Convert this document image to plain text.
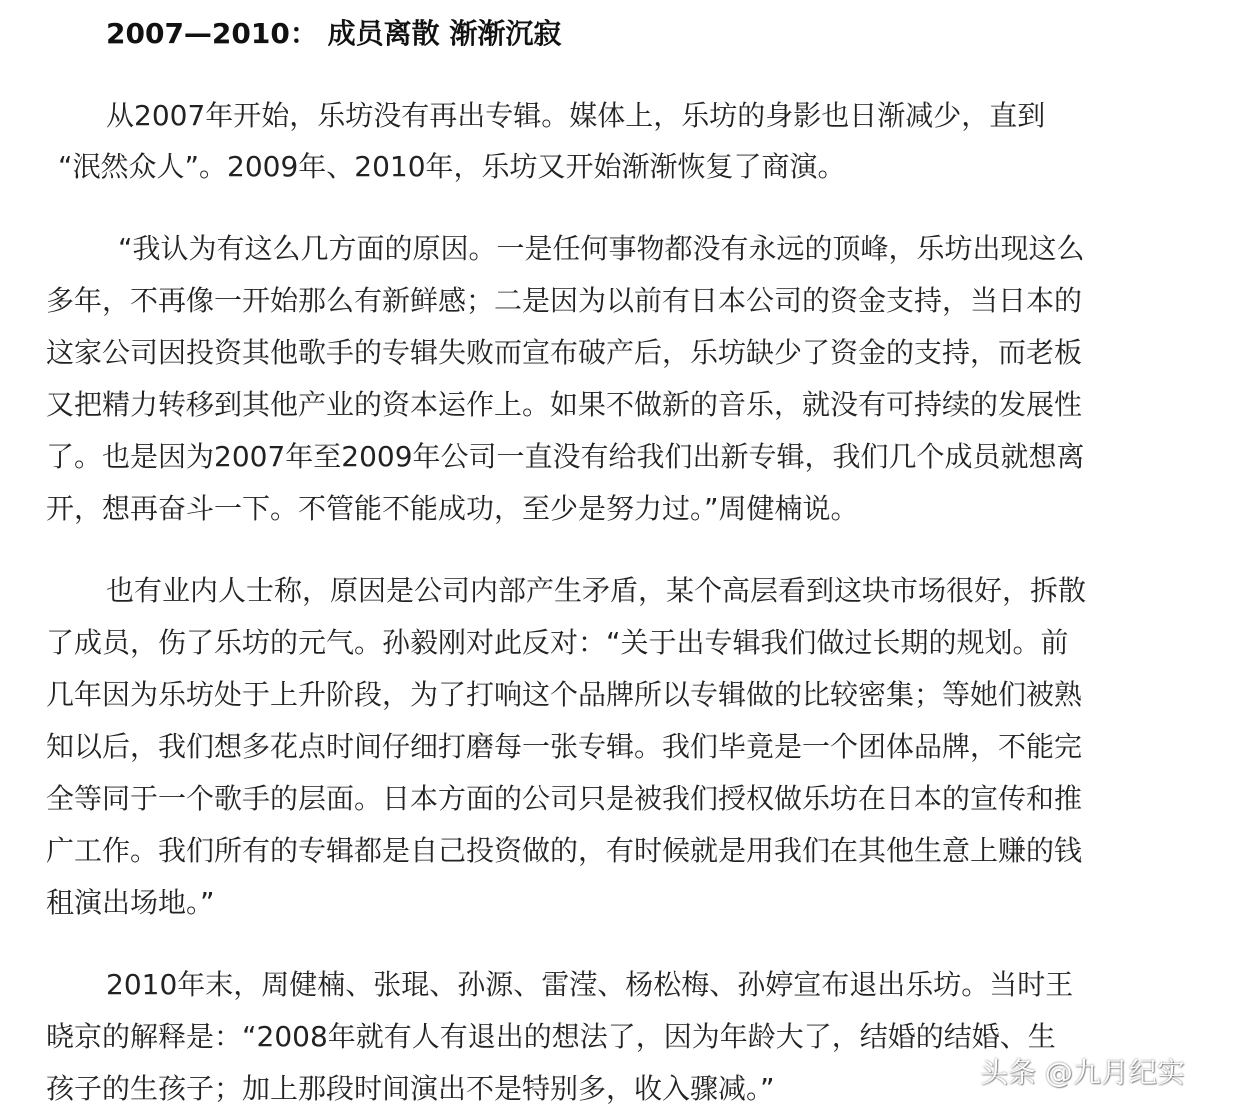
2007—2010： 成员离散 渐渐沉寂
从2007年开始，乐坊没有再出专辑。媒体上，乐坊的身影也日渐减少，直到
“泯然众人”。2009年、2010年，乐坊又开始渐渐恢复了商演。
“我认为有这么几方面的原因。一是任何事物都没有永远的顶峰，乐坊出现这么
多年，不再像一开始那么有新鲜感；二是因为以前有日本公司的资金支持，当日本的
这家公司因投资其他歌手的专辑失败而宣布破产后，乐坊缺少了资金的支持，而老板
又把精力转移到其他产业的资本运作上。如果不做新的音乐，就没有可持续的发展性
了。也是因为2007年至2009年公司一直没有给我们出新专辑，我们几个成员就想离
开，想再奋斗一下。不管能不能成功，至少是努力过。”周健楠说。
也有业内人士称，原因是公司内部产生矛盾，某个高层看到这块市场很好，拆散
了成员，伤了乐坊的元气。孙毅刚对此反对：“关于出专辑我们做过长期的规划。前
几年因为乐坊处于上升阶段，为了打响这个品牌所以专辑做的比较密集；等她们被熟
知以后，我们想多花点时间仔细打磨每一张专辑。我们毕竟是一个团体品牌，不能完
全等同于一个歌手的层面。日本方面的公司只是被我们授权做乐坊在日本的宣传和推
广工作。我们所有的专辑都是自己投资做的，有时候就是用我们在其他生意上赚的钱
租演出场地。”
2010年末，周健楠、张琨、孙源、雷滢、杨松梅、孙婷宣布退出乐坊。当时王
晓京的解释是：“2008年就有人有退出的想法了，因为年龄大了，结婚的结婚、生
孩子的生孩子；加上那段时间演出不是特别多，收入骤减。”	头条 @九月纪实
